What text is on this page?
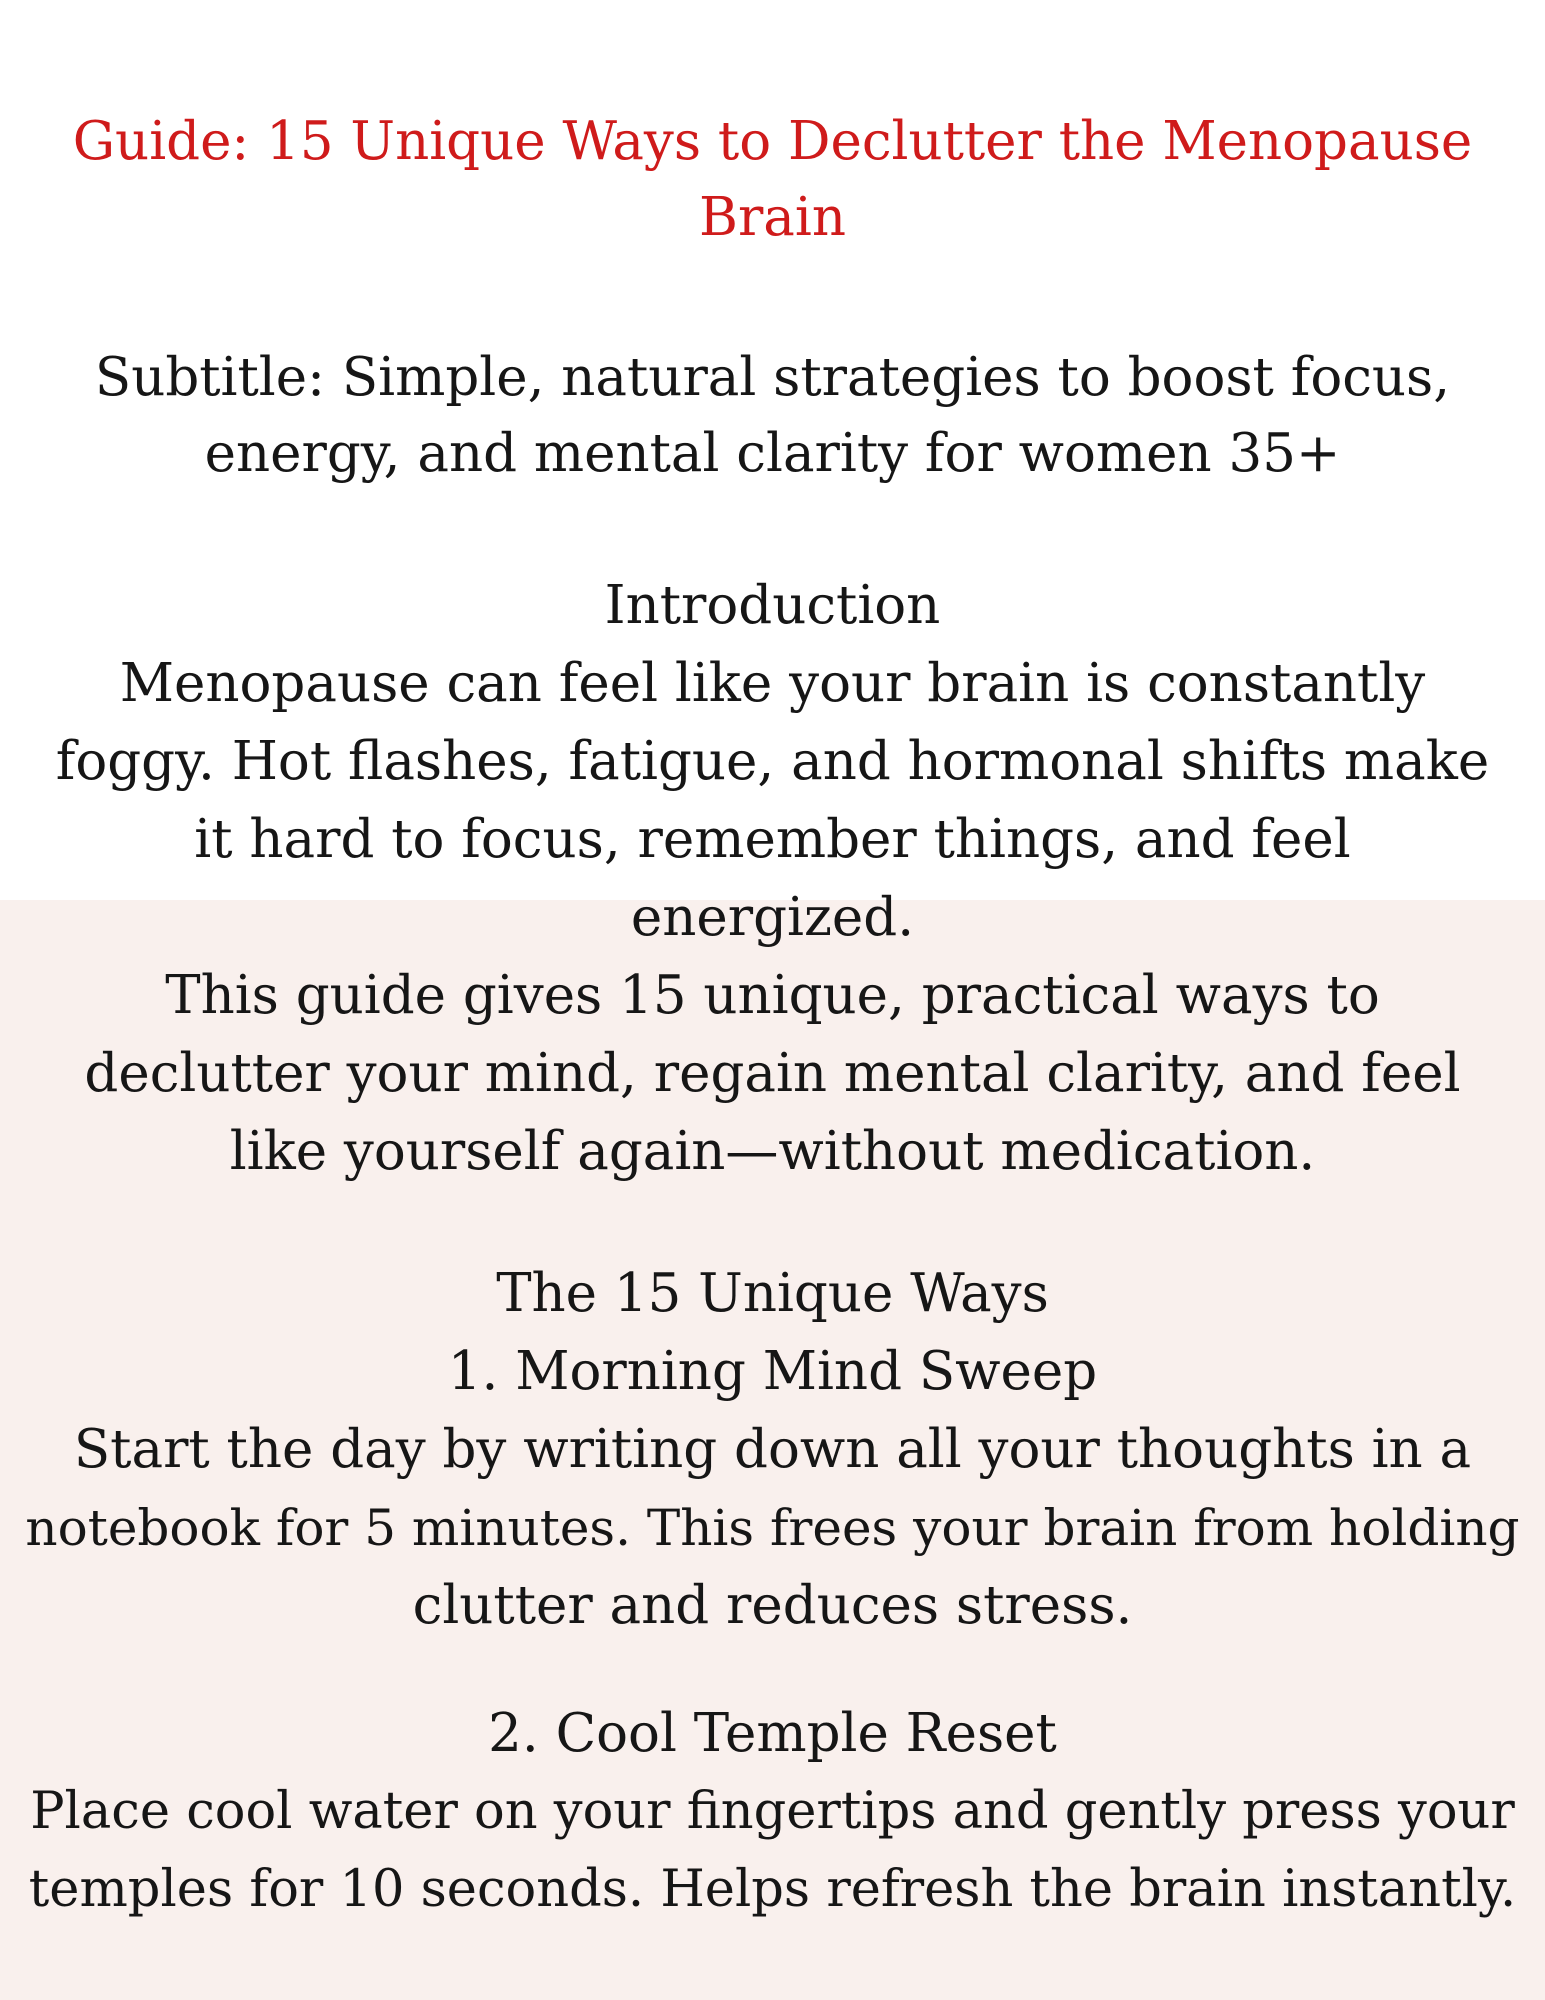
Guide: 15 Unique Ways to Declutter the Menopause Brain

Subtitle: Simple, natural strategies to boost focus, energy, and mental clarity for women 35+

Introduction
Menopause can feel like your brain is constantly
foggy. Hot flashes, fatigue, and hormonal shifts make
it hard to focus, remember things, and feel
energized.
This guide gives 15 unique, practical ways to
declutter your mind, regain mental clarity, and feel
like yourself again—without medication.
The 15 Unique Ways
1. Morning Mind Sweep
Start the day by writing down all your thoughts in a
notebook for 5 minutes. This frees your brain from holding
clutter and reduces stress.
2. Cool Temple Reset
Place cool water on your fingertips and gently press your
temples for 10 seconds. Helps refresh the brain instantly.
